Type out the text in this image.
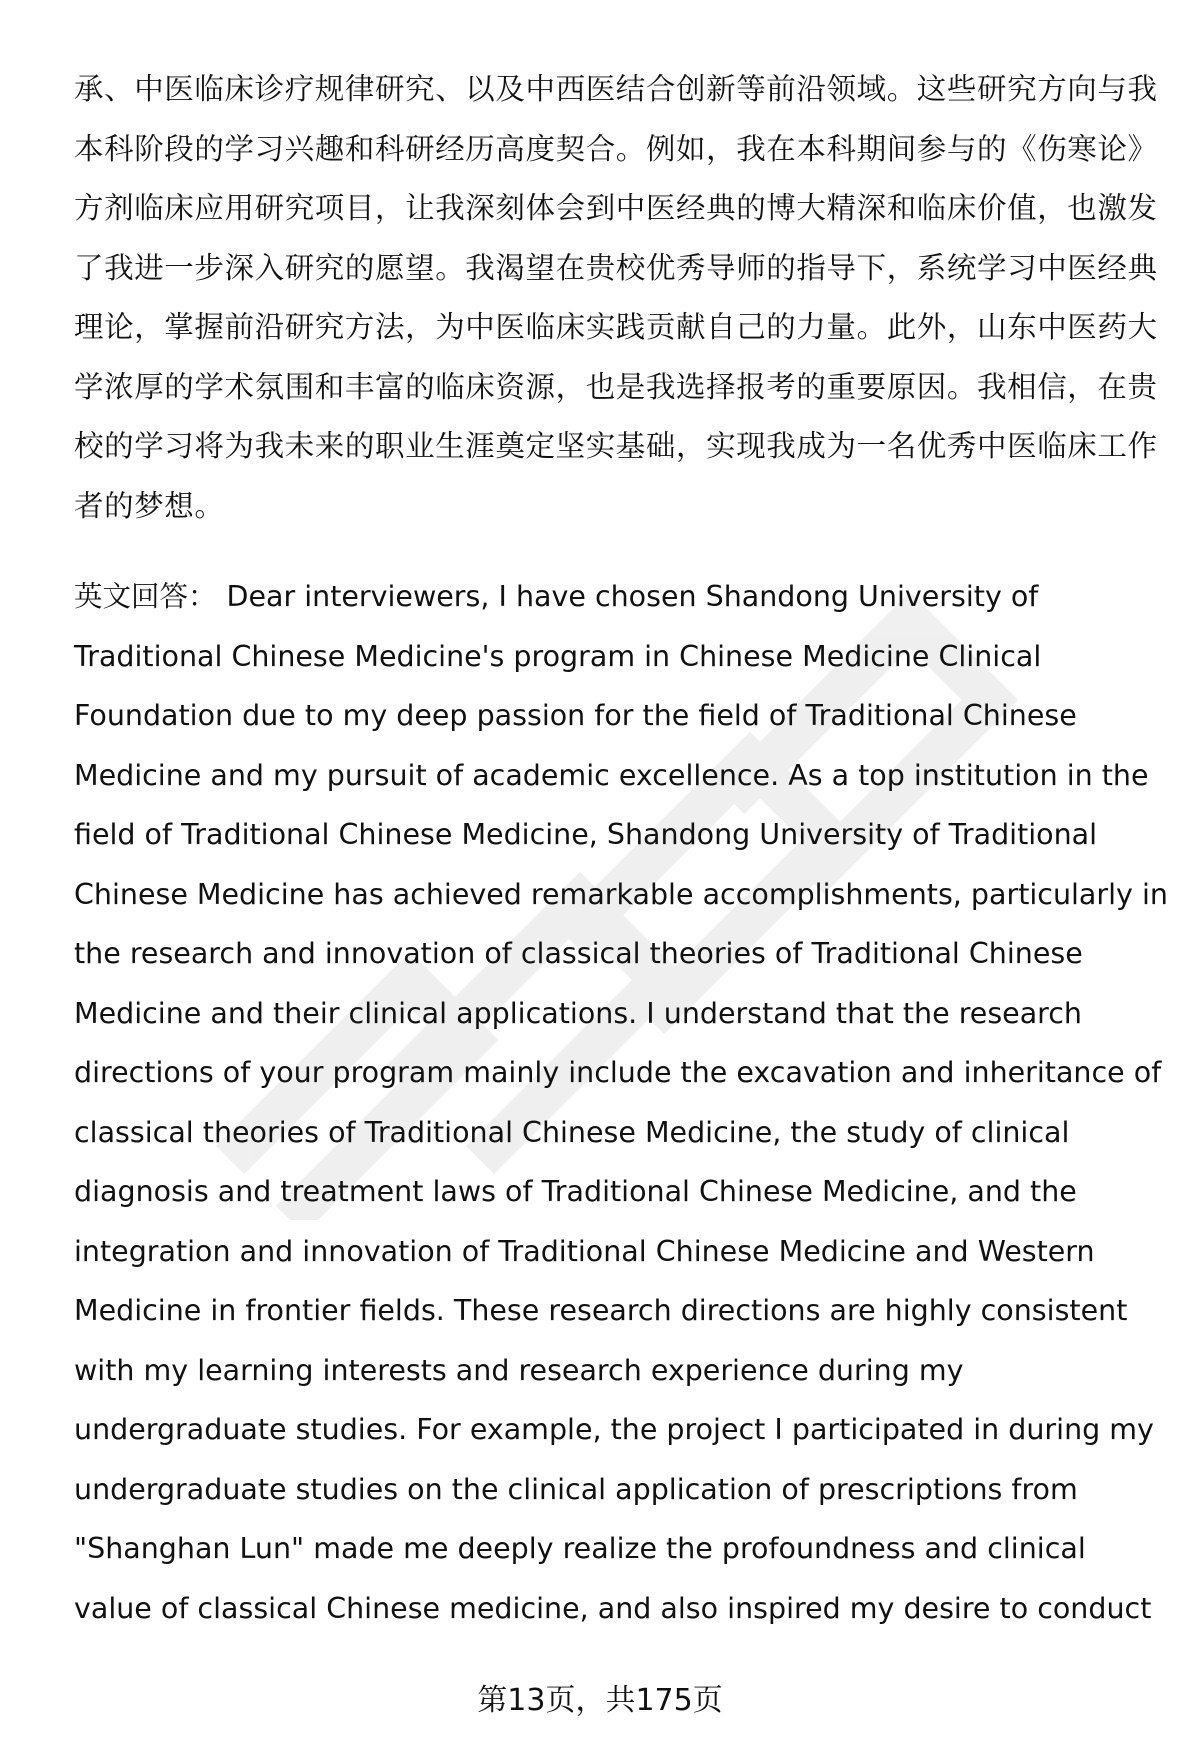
承、中医临床诊疗规律研究、以及中西医结合创新等前沿领域。这些研究方向与我
本科阶段的学习兴趣和科研经历高度契合。例如，我在本科期间参与的《伤寒论》
方剂临床应用研究项目，让我深刻体会到中医经典的博大精深和临床价值，也激发
了我进一步深入研究的愿望。我渴望在贵校优秀导师的指导下，系统学习中医经典
理论，掌握前沿研究方法，为中医临床实践贡献自己的力量。此外，山东中医药大
学浓厚的学术氛围和丰富的临床资源，也是我选择报考的重要原因。我相信，在贵
校的学习将为我未来的职业生涯奠定坚实基础，实现我成为一名优秀中医临床工作
者的梦想。
英文回答： Dear interviewers, I have chosen Shandong University of
Traditional Chinese Medicine's program in Chinese Medicine Clinical
Foundation due to my deep passion for the field of Traditional Chinese
Medicine and my pursuit of academic excellence. As a top institution in the
field of Traditional Chinese Medicine, Shandong University of Traditional
Chinese Medicine has achieved remarkable accomplishments, particularly in
the research and innovation of classical theories of Traditional Chinese
Medicine and their clinical applications. I understand that the research
directions of your program mainly include the excavation and inheritance of
classical theories of Traditional Chinese Medicine, the study of clinical
diagnosis and treatment laws of Traditional Chinese Medicine, and the
integration and innovation of Traditional Chinese Medicine and Western
Medicine in frontier fields. These research directions are highly consistent
with my learning interests and research experience during my
undergraduate studies. For example, the project I participated in during my
undergraduate studies on the clinical application of prescriptions from
"Shanghan Lun" made me deeply realize the profoundness and clinical
value of classical Chinese medicine, and also inspired my desire to conduct
第13页，共175页
